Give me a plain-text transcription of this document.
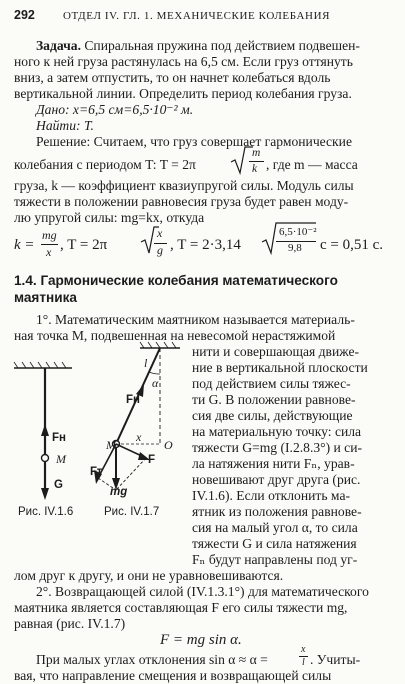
292	ОТДЕЛ IV. ГЛ. 1. МЕХАНИЧЕСКИЕ КОЛЕБАНИЯ
Задача. Спиральная пружина под действием подвешен-
ного к ней груза растянулась на 6,5 см. Если груз оттянуть
вниз, а затем отпустить, то он начнет колебаться вдоль
вертикальной линии. Определить период колебания груза.
Дано: x=6,5 см=6,5·10⁻² м.
Найти: T.
Решение: Считаем, что груз совершает гармонические
колебания с периодом T: T = 2π
m
k , где m — масса
груза, k — коэффициент квазиупругой силы. Модуль силы
тяжести в положении равновесия груза будет равен моду-
лю упругой силы: mg=kx, откуда
k =
mg
x , T = 2π
x
g , T = 2·3,14
6,5·10⁻²
9,8 c = 0,51 c.
1.4. Гармонические колебания математического
маятника
1°. Математическим маятником называется материаль-
ная точка M, подвешенная на невесомой нерастяжимой
нити и совершающая движе-
ние в вертикальной плоскости
под действием силы тяжес-
ти G. В положении равнове-
сия две силы, действующие
на материальную точку: сила
тяжести G=mg (I.2.8.3°) и си-
ла натяжения нити Fₙ, урав-
новешивают друг друга (рис.
IV.1.6). Если отклонить ма-
ятник из положения равнове-
сия на малый угол α, то сила
тяжести G и сила натяжения
Fₙ будут направлены под уг-
лом друг к другу, и они не уравновешиваются.
Fн
M
G
Рис. IV.1.6
l
α
Fн
x
O
M
F
Fτ
mg
Рис. IV.1.7
2°. Возвращающей силой (IV.1.3.1°) для математического
маятника является составляющая F его силы тяжести mg,
равная (рис. IV.1.7)
F = mg sin α.
При малых углах отклонения sin α ≈ α =
x
l . Учиты-
вая, что направление смещения и возвращающей силы
